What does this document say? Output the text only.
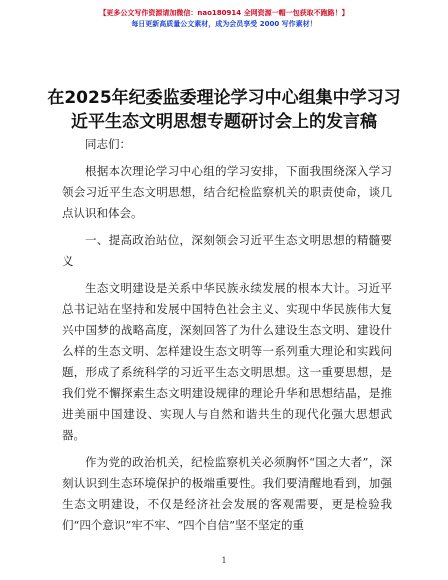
【更多公文写作资源请加微信：nao180914 全网资源一帽一包获取不跑路！】
每日更新高质量公文素材，成为会员享受 2000 写作素材！
在2025年纪委监委理论学习中心组集中学习习
近平生态文明思想专题研讨会上的发言稿

同志们：

根据本次理论学习中心组的学习安排，下面我围绕深入学习领会习近平生态文明思想，结合纪检监察机关的职责使命，谈几点认识和体会。

一、提高政治站位，深刻领会习近平生态文明思想的精髓要义

生态文明建设是关系中华民族永续发展的根本大计。习近平总书记站在坚持和发展中国特色社会主义、实现中华民族伟大复兴中国梦的战略高度，深刻回答了为什么建设生态文明、建设什么样的生态文明、怎样建设生态文明等一系列重大理论和实践问题，形成了系统科学的习近平生态文明思想。这一重要思想，是我们党不懈探索生态文明建设规律的理论升华和思想结晶，是推进美丽中国建设、实现人与自然和谐共生的现代化强大思想武器。

作为党的政治机关，纪检监察机关必须胸怀“国之大者”，深刻认识到生态环境保护的极端重要性。我们要清醒地看到，加强生态文明建设，不仅是经济社会发展的客观需要，更是检验我们“四个意识”牢不牢、“四个自信”坚不坚定的重

1
